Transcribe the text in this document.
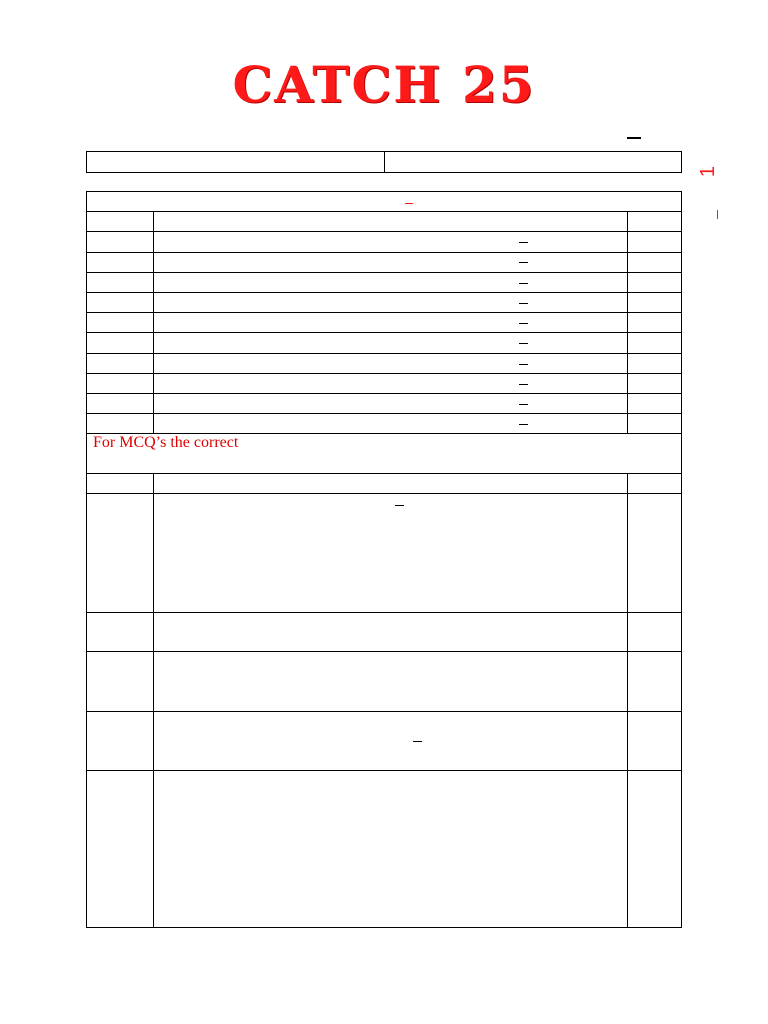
CATCH 25
1
For MCQ’s the correct
